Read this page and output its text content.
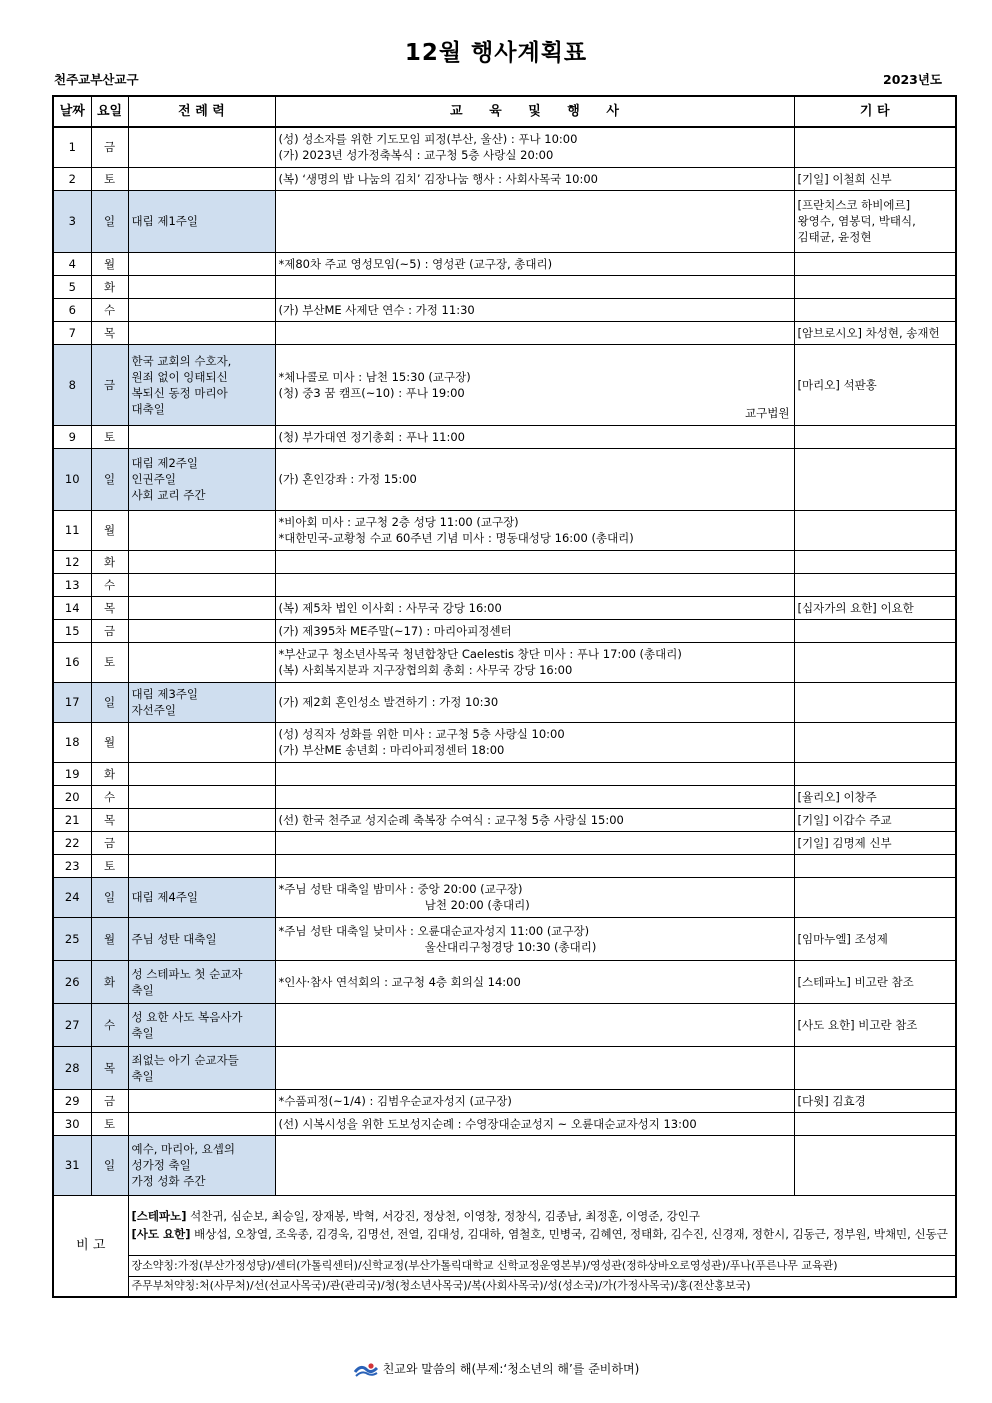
12월 행사계획표
천주교부산교구	2023년도
날짜	요일	전 례 력	교 육 및 행 사	기 타
1	금		(성) 성소자를 위한 기도모임 피정(부산, 울산) : 푸나 10:00
(가) 2023년 성가정축복식 : 교구청 5층 사랑실 20:00	

2	토		(복) ‘생명의 밥 나눔의 김치’ 김장나눔 행사 : 사회사목국 10:00	[기일] 이철희 신부
3	일	대림 제1주일		[프란치스코 하비에르]
왕영수, 염봉덕, 박태식,
김태균, 윤정현
4	월		*제80차 주교 영성모임(~5) : 영성관 (교구장, 총대리)	

5	화			
6	수		(가) 부산ME 사제단 연수 : 가정 11:30	

7	목			[암브로시오] 차성현, 송재헌
8	금	한국 교회의 수호자,
원죄 없이 잉태되신
복되신 동정 마리아
대축일	*체나콜로 미사 : 남천 15:30 (교구장)
(청) 중3 꿈 캠프(~10) : 푸나 19:00
교구법원	[마리오] 석판홍
9	토		(청) 부가대연 정기총회 : 푸나 11:00	

10	일	대림 제2주일
인권주일
사회 교리 주간	(가) 혼인강좌 : 가정 15:00	

11	월		*비아회 미사 : 교구청 2층 성당 11:00 (교구장)
*대한민국-교황청 수교 60주년 기념 미사 : 명동대성당 16:00 (총대리)	

12	화			
13	수			
14	목		(복) 제5차 법인 이사회 : 사무국 강당 16:00	[십자가의 요한] 이요한
15	금		(가) 제395차 ME주말(~17) : 마리아피정센터	

16	토		*부산교구 청소년사목국 청년합창단 Caelestis 창단 미사 : 푸나 17:00 (총대리)
(복) 사회복지분과 지구장협의회 총회 : 사무국 강당 16:00	

17	일	대림 제3주일
자선주일	(가) 제2회 혼인성소 발견하기 : 가정 10:30	

18	월		(성) 성직자 성화를 위한 미사 : 교구청 5층 사랑실 10:00
(가) 부산ME 송년회 : 마리아피정센터 18:00	

19	화			
20	수			[율리오] 이창주
21	목		(선) 한국 천주교 성지순례 축복장 수여식 : 교구청 5층 사랑실 15:00	[기일] 이갑수 주교
22	금			[기일] 김명제 신부
23	토			
24	일	대림 제4주일	*주님 성탄 대축일 밤미사 : 중앙 20:00 (교구장)
남천 20:00 (총대리)	

25	월	주님 성탄 대축일	*주님 성탄 대축일 낮미사 : 오륜대순교자성지 11:00 (교구장)
울산대리구청경당 10:30 (총대리)	[임마누엘] 조성제
26	화	성 스테파노 첫 순교자
축일	*인사·참사 연석회의 : 교구청 4층 회의실 14:00	[스테파노] 비고란 참조
27	수	성 요한 사도 복음사가
축일		[사도 요한] 비고란 참조
28	목	죄없는 아기 순교자들
축일		
29	금		*수품피정(~1/4) : 김범우순교자성지 (교구장)	[다윗] 김효경
30	토		(선) 시복시성을 위한 도보성지순례 : 수영장대순교성지 ~ 오륜대순교자성지 13:00	

31	일	예수, 마리아, 요셉의
성가정 축일
가정 성화 주간		
비 고		[스테파노] 석찬귀, 심순보, 최승일, 장재봉, 박혁, 서강진, 정상천, 이영창, 정창식, 김종남, 최정훈, 이영준, 강인구
[사도 요한] 배상섭, 오창열, 조욱종, 김경욱, 김명선, 전열, 김대성, 김대하, 염철호, 민병국, 김혜연, 정태화, 김수진, 신경재, 정한시, 김동근, 정부원, 박채민, 신동근		
		장소약칭:가정(부산가정성당)/센터(가톨릭센터)/신학교정(부산가톨릭대학교 신학교정운영본부)/영성관(정하상바오로영성관)/푸나(푸른나무 교육관)		
		주무부처약칭:처(사무처)/선(선교사목국)/관(관리국)/청(청소년사목국)/복(사회사목국)/성(성소국)/가(가정사목국)/홍(전산홍보국)		
친교와 말씀의 해(부제:‘청소년의 해’를 준비하며)
